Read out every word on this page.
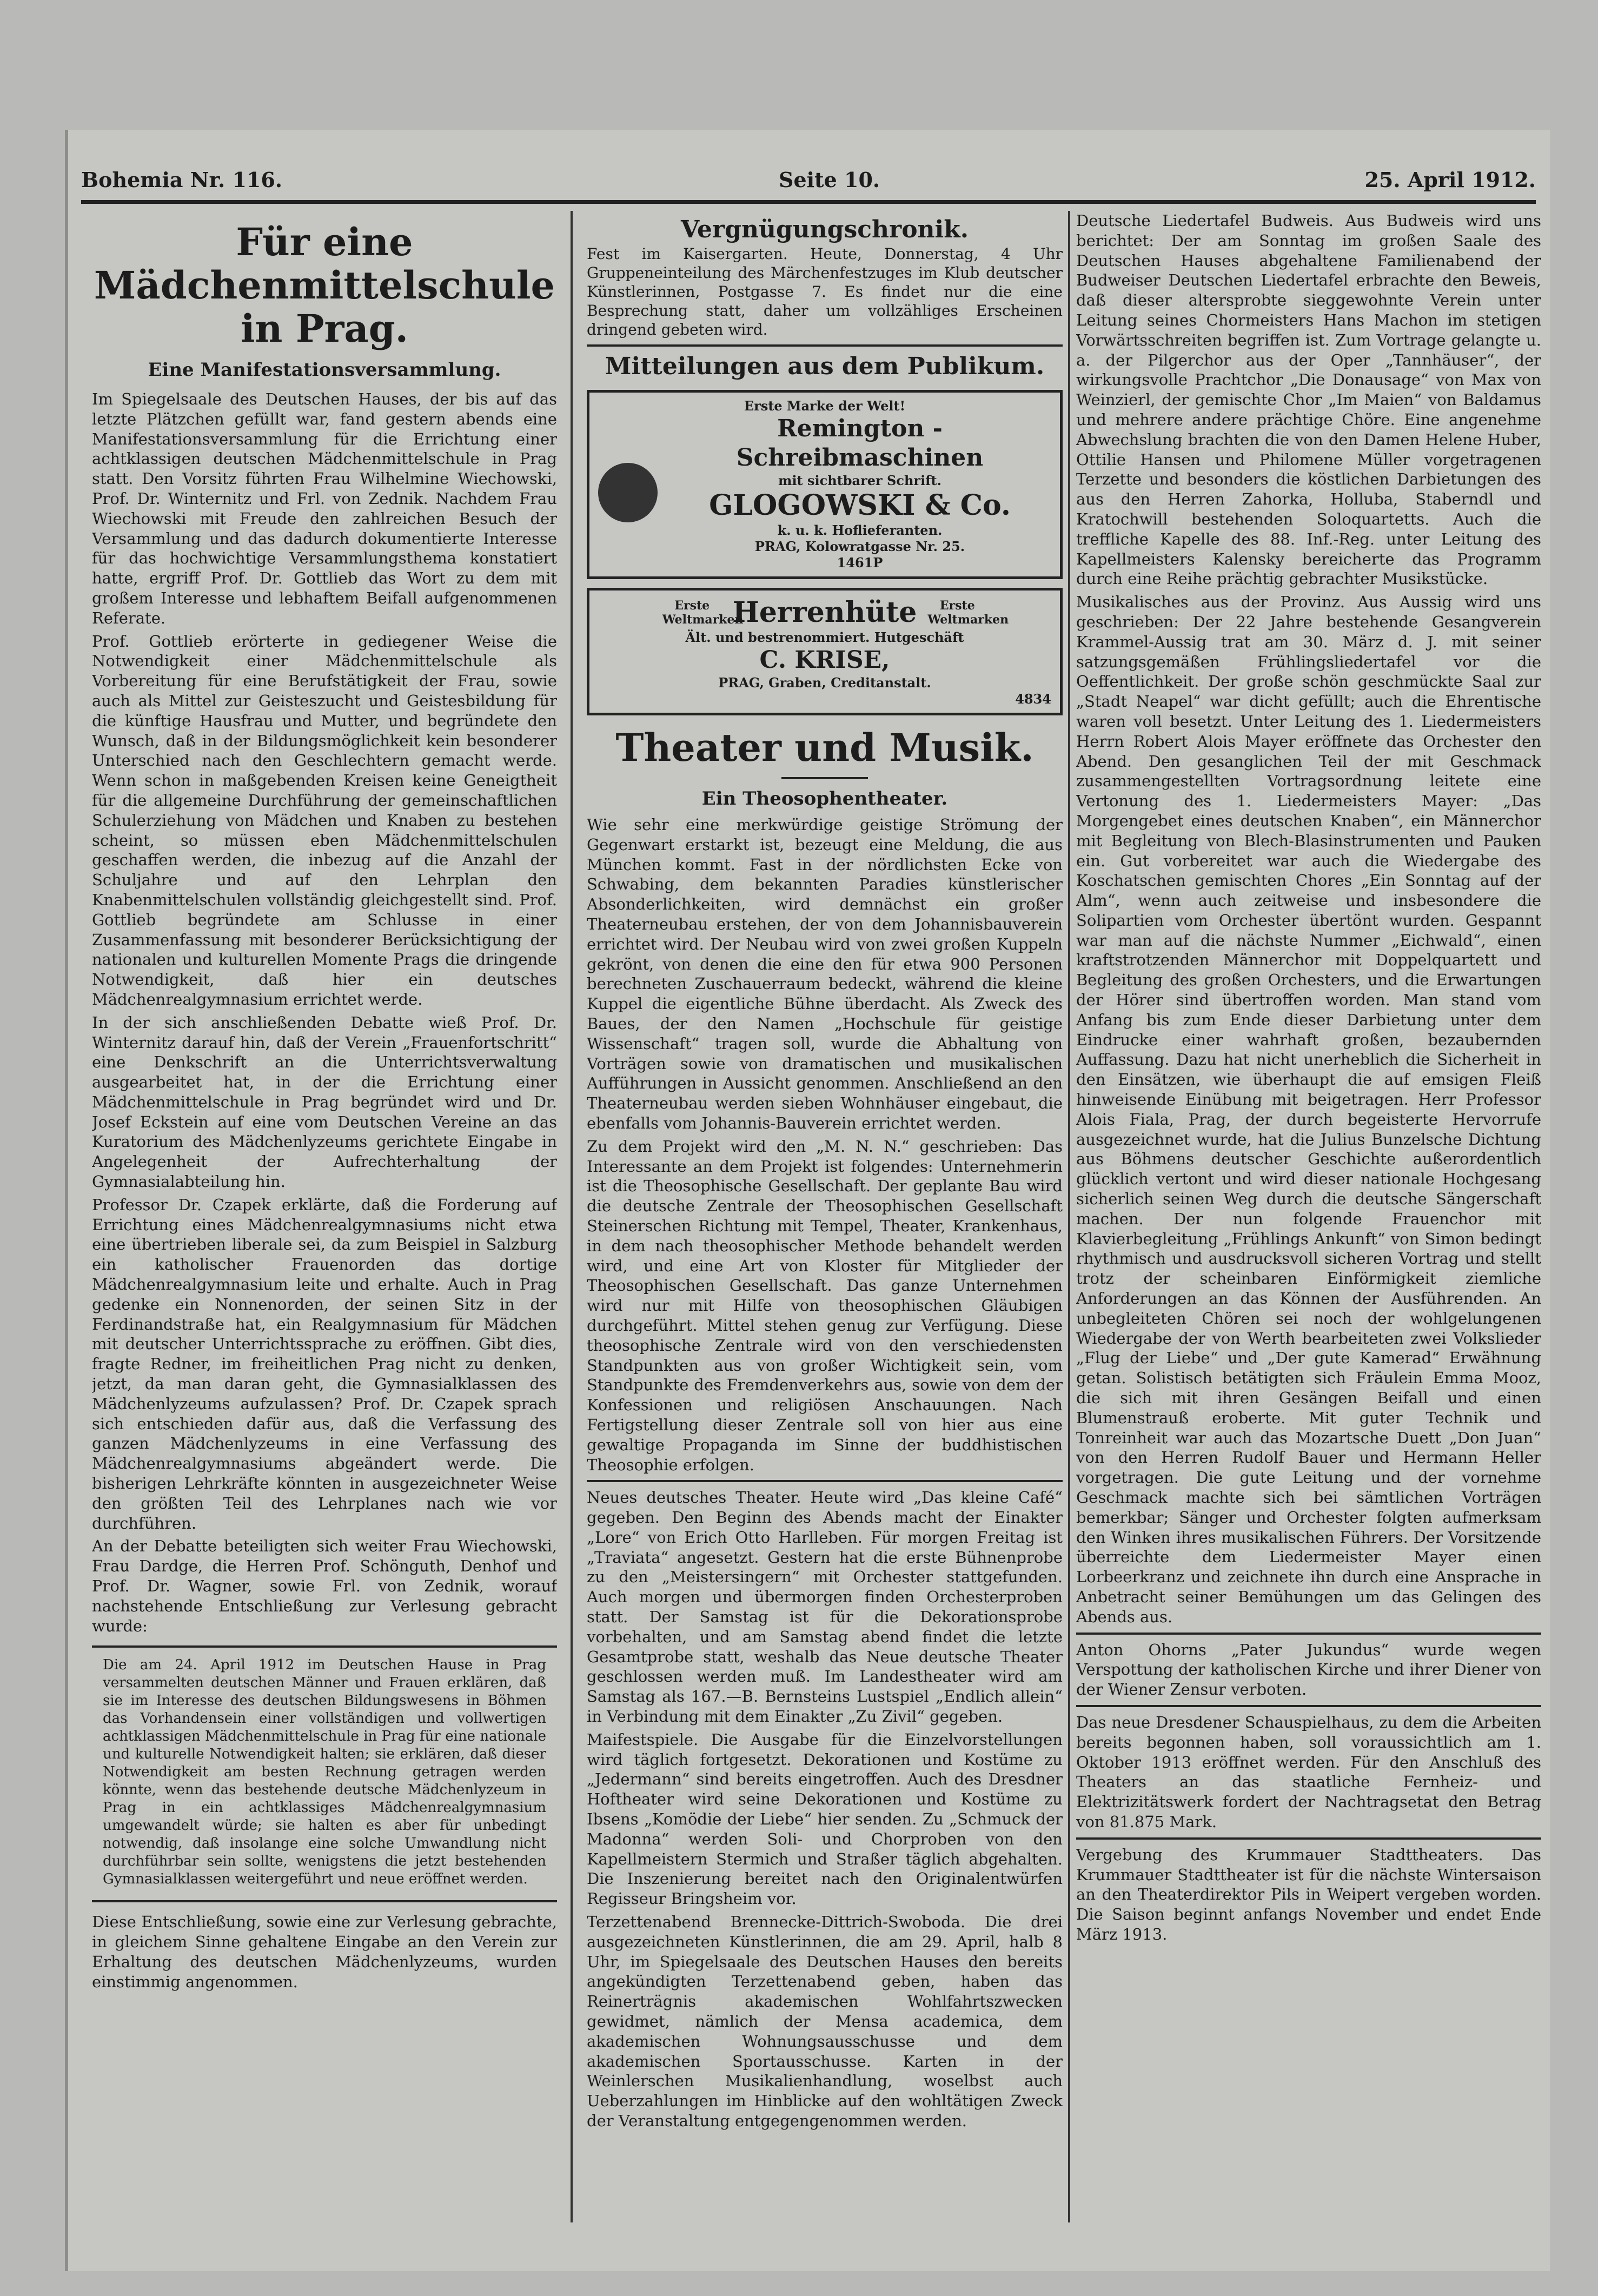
Bohemia Nr. 116.	Seite 10.	25. April 1912.
Für eine Mädchenmittelschule
in Prag.
Eine Manifestationsversammlung.

Im Spiegelsaale des Deutschen Hauses, der bis auf das letzte Plätzchen gefüllt war, fand gestern abends eine Manifestationsversammlung für die Errichtung einer achtklassigen deutschen Mädchenmittelschule in Prag statt. Den Vorsitz führten Frau Wilhelmine Wiechowski, Prof. Dr. Winternitz und Frl. von Zednik. Nachdem Frau Wiechowski mit Freude den zahlreichen Besuch der Versammlung und das dadurch dokumentierte Interesse für das hochwichtige Versammlungsthema konstatiert hatte, ergriff Prof. Dr. Gottlieb das Wort zu dem mit großem Interesse und lebhaftem Beifall aufgenommenen Referate.

Prof. Gottlieb erörterte in gediegener Weise die Notwendigkeit einer Mädchenmittelschule als Vorbereitung für eine Berufstätigkeit der Frau, sowie auch als Mittel zur Geisteszucht und Geistesbildung für die künftige Hausfrau und Mutter, und begründete den Wunsch, daß in der Bildungsmöglichkeit kein besonderer Unterschied nach den Geschlechtern gemacht werde. Wenn schon in maßgebenden Kreisen keine Geneigtheit für die allgemeine Durchführung der gemeinschaftlichen Schulerziehung von Mädchen und Knaben zu bestehen scheint, so müssen eben Mädchenmittelschulen geschaffen werden, die inbezug auf die Anzahl der Schuljahre und auf den Lehrplan den Knabenmittelschulen vollständig gleichgestellt sind. Prof. Gottlieb begründete am Schlusse in einer Zusammenfassung mit besonderer Berücksichtigung der nationalen und kulturellen Momente Prags die dringende Notwendigkeit, daß hier ein deutsches Mädchenrealgymnasium errichtet werde.

In der sich anschließenden Debatte wieß Prof. Dr. Winternitz darauf hin, daß der Verein „Frauenfortschritt“ eine Denkschrift an die Unterrichtsverwaltung ausgearbeitet hat, in der die Errichtung einer Mädchenmittelschule in Prag begründet wird und Dr. Josef Eckstein auf eine vom Deutschen Vereine an das Kuratorium des Mädchenlyzeums gerichtete Eingabe in Angelegenheit der Aufrechterhaltung der Gymnasialabteilung hin.

Professor Dr. Czapek erklärte, daß die Forderung auf Errichtung eines Mädchenrealgymnasiums nicht etwa eine übertrieben liberale sei, da zum Beispiel in Salzburg ein katholischer Frauenorden das dortige Mädchenrealgymnasium leite und erhalte. Auch in Prag gedenke ein Nonnenorden, der seinen Sitz in der Ferdinandstraße hat, ein Realgymnasium für Mädchen mit deutscher Unterrichtssprache zu eröffnen. Gibt dies, fragte Redner, im freiheitlichen Prag nicht zu denken, jetzt, da man daran geht, die Gymnasialklassen des Mädchenlyzeums aufzulassen? Prof. Dr. Czapek sprach sich entschieden dafür aus, daß die Verfassung des ganzen Mädchenlyzeums in eine Verfassung des Mädchenrealgymnasiums abgeändert werde. Die bisherigen Lehrkräfte könnten in ausgezeichneter Weise den größten Teil des Lehrplanes nach wie vor durchführen.

An der Debatte beteiligten sich weiter Frau Wiechowski, Frau Dardge, die Herren Prof. Schönguth, Denhof und Prof. Dr. Wagner, sowie Frl. von Zednik, worauf nachstehende Entschließung zur Verlesung gebracht wurde:

Die am 24. April 1912 im Deutschen Hause in Prag versammelten deutschen Männer und Frauen erklären, daß sie im Interesse des deutschen Bildungswesens in Böhmen das Vorhandensein einer vollständigen und vollwertigen achtklassigen Mädchenmittelschule in Prag für eine nationale und kulturelle Notwendigkeit halten; sie erklären, daß dieser Notwendigkeit am besten Rechnung getragen werden könnte, wenn das bestehende deutsche Mädchenlyzeum in Prag in ein achtklassiges Mädchenrealgymnasium umgewandelt würde; sie halten es aber für unbedingt notwendig, daß insolange eine solche Umwandlung nicht durchführbar sein sollte, wenigstens die jetzt bestehenden Gymnasialklassen weitergeführt und neue eröffnet werden.

Diese Entschließung, sowie eine zur Verlesung gebrachte, in gleichem Sinne gehaltene Eingabe an den Verein zur Erhaltung des deutschen Mädchenlyzeums, wurden einstimmig angenommen.

Vergnügungschronik.

Fest im Kaisergarten. Heute, Donnerstag, 4 Uhr Gruppeneinteilung des Märchenfestzuges im Klub deutscher Künstlerinnen, Postgasse 7. Es findet nur die eine Besprechung statt, daher um vollzähliges Erscheinen dringend gebeten wird.

Mitteilungen aus dem Publikum.
Erste Marke der Welt!
Remington - Schreibmaschinen
mit sichtbarer Schrift.
GLOGOWSKI & Co.
k. u. k. Hoflieferanten.
PRAG, Kolowratgasse Nr. 25.
1461P
Erste Weltmarken
Herrenhüte	Erste Weltmarken
Ält. und bestrenommiert. Hutgeschäft
C. KRISE,
PRAG, Graben, Creditanstalt.
4834
Theater und Musik.
Ein Theosophentheater.

Wie sehr eine merkwürdige geistige Strömung der Gegenwart erstarkt ist, bezeugt eine Meldung, die aus München kommt. Fast in der nördlichsten Ecke von Schwabing, dem bekannten Paradies künstlerischer Absonderlichkeiten, wird demnächst ein großer Theaterneubau erstehen, der von dem Johannisbauverein errichtet wird. Der Neubau wird von zwei großen Kuppeln gekrönt, von denen die eine den für etwa 900 Personen berechneten Zuschauerraum bedeckt, während die kleine Kuppel die eigentliche Bühne überdacht. Als Zweck des Baues, der den Namen „Hochschule für geistige Wissenschaft“ tragen soll, wurde die Abhaltung von Vorträgen sowie von dramatischen und musikalischen Aufführungen in Aussicht genommen. Anschließend an den Theaterneubau werden sieben Wohnhäuser eingebaut, die ebenfalls vom Johannis-Bauverein errichtet werden.

Zu dem Projekt wird den „M. N. N.“ geschrieben: Das Interessante an dem Projekt ist folgendes: Unternehmerin ist die Theosophische Gesellschaft. Der geplante Bau wird die deutsche Zentrale der Theosophischen Gesellschaft Steinerschen Richtung mit Tempel, Theater, Krankenhaus, in dem nach theosophischer Methode behandelt werden wird, und eine Art von Kloster für Mitglieder der Theosophischen Gesellschaft. Das ganze Unternehmen wird nur mit Hilfe von theosophischen Gläubigen durchgeführt. Mittel stehen genug zur Verfügung. Diese theosophische Zentrale wird von den verschiedensten Standpunkten aus von großer Wichtigkeit sein, vom Standpunkte des Fremdenverkehrs aus, sowie von dem der Konfessionen und religiösen Anschauungen. Nach Fertigstellung dieser Zentrale soll von hier aus eine gewaltige Propaganda im Sinne der buddhistischen Theosophie erfolgen.

Neues deutsches Theater. Heute wird „Das kleine Café“ gegeben. Den Beginn des Abends macht der Einakter „Lore“ von Erich Otto Harlleben. Für morgen Freitag ist „Traviata“ angesetzt. Gestern hat die erste Bühnenprobe zu den „Meistersingern“ mit Orchester stattgefunden. Auch morgen und übermorgen finden Orchesterproben statt. Der Samstag ist für die Dekorationsprobe vorbehalten, und am Samstag abend findet die letzte Gesamtprobe statt, weshalb das Neue deutsche Theater geschlossen werden muß. Im Landestheater wird am Samstag als 167.—B. Bernsteins Lustspiel „Endlich allein“ in Verbindung mit dem Einakter „Zu Zivil“ gegeben.

Maifestspiele. Die Ausgabe für die Einzelvorstellungen wird täglich fortgesetzt. Dekorationen und Kostüme zu „Jedermann“ sind bereits eingetroffen. Auch des Dresdner Hoftheater wird seine Dekorationen und Kostüme zu Ibsens „Komödie der Liebe“ hier senden. Zu „Schmuck der Madonna“ werden Soli- und Chorproben von den Kapellmeistern Stermich und Straßer täglich abgehalten. Die Inszenierung bereitet nach den Originalentwürfen Regisseur Bringsheim vor.

Terzettenabend Brennecke-Dittrich-Swoboda. Die drei ausgezeichneten Künstlerinnen, die am 29. April, halb 8 Uhr, im Spiegelsaale des Deutschen Hauses den bereits angekündigten Terzettenabend geben, haben das Reinerträgnis akademischen Wohlfahrtszwecken gewidmet, nämlich der Mensa academica, dem akademischen Wohnungsausschusse und dem akademischen Sportausschusse. Karten in der Weinlerschen Musikalienhandlung, woselbst auch Ueberzahlungen im Hinblicke auf den wohltätigen Zweck der Veranstaltung entgegengenommen werden.

Deutsche Liedertafel Budweis. Aus Budweis wird uns berichtet: Der am Sonntag im großen Saale des Deutschen Hauses abgehaltene Familienabend der Budweiser Deutschen Liedertafel erbrachte den Beweis, daß dieser altersprobte sieggewohnte Verein unter Leitung seines Chormeisters Hans Machon im stetigen Vorwärtsschreiten begriffen ist. Zum Vortrage gelangte u. a. der Pilgerchor aus der Oper „Tannhäuser“, der wirkungsvolle Prachtchor „Die Donausage“ von Max von Weinzierl, der gemischte Chor „Im Maien“ von Baldamus und mehrere andere prächtige Chöre. Eine angenehme Abwechslung brachten die von den Damen Helene Huber, Ottilie Hansen und Philomene Müller vorgetragenen Terzette und besonders die köstlichen Darbietungen des aus den Herren Zahorka, Holluba, Staberndl und Kratochwill bestehenden Soloquartetts. Auch die treffliche Kapelle des 88. Inf.-Reg. unter Leitung des Kapellmeisters Kalensky bereicherte das Programm durch eine Reihe prächtig gebrachter Musikstücke.

Musikalisches aus der Provinz. Aus Aussig wird uns geschrieben: Der 22 Jahre bestehende Gesangverein Krammel-Aussig trat am 30. März d. J. mit seiner satzungsgemäßen Frühlingsliedertafel vor die Oeffentlichkeit. Der große schön geschmückte Saal zur „Stadt Neapel“ war dicht gefüllt; auch die Ehrentische waren voll besetzt. Unter Leitung des 1. Liedermeisters Herrn Robert Alois Mayer eröffnete das Orchester den Abend. Den gesanglichen Teil der mit Geschmack zusammengestellten Vortragsordnung leitete eine Vertonung des 1. Liedermeisters Mayer: „Das Morgengebet eines deutschen Knaben“, ein Männerchor mit Begleitung von Blech-Blasinstrumenten und Pauken ein. Gut vorbereitet war auch die Wiedergabe des Koschatschen gemischten Chores „Ein Sonntag auf der Alm“, wenn auch zeitweise und insbesondere die Solipartien vom Orchester übertönt wurden. Gespannt war man auf die nächste Nummer „Eichwald“, einen kraftstrotzenden Männerchor mit Doppelquartett und Begleitung des großen Orchesters, und die Erwartungen der Hörer sind übertroffen worden. Man stand vom Anfang bis zum Ende dieser Darbietung unter dem Eindrucke einer wahrhaft großen, bezaubernden Auffassung. Dazu hat nicht unerheblich die Sicherheit in den Einsätzen, wie überhaupt die auf emsigen Fleiß hinweisende Einübung mit beigetragen. Herr Professor Alois Fiala, Prag, der durch begeisterte Hervorrufe ausgezeichnet wurde, hat die Julius Bunzelsche Dichtung aus Böhmens deutscher Geschichte außerordentlich glücklich vertont und wird dieser nationale Hochgesang sicherlich seinen Weg durch die deutsche Sängerschaft machen. Der nun folgende Frauenchor mit Klavierbegleitung „Frühlings Ankunft“ von Simon bedingt rhythmisch und ausdrucksvoll sicheren Vortrag und stellt trotz der scheinbaren Einförmigkeit ziemliche Anforderungen an das Können der Ausführenden. An unbegleiteten Chören sei noch der wohlgelungenen Wiedergabe der von Werth bearbeiteten zwei Volkslieder „Flug der Liebe“ und „Der gute Kamerad“ Erwähnung getan. Solistisch betätigten sich Fräulein Emma Mooz, die sich mit ihren Gesängen Beifall und einen Blumenstrauß eroberte. Mit guter Technik und Tonreinheit war auch das Mozartsche Duett „Don Juan“ von den Herren Rudolf Bauer und Hermann Heller vorgetragen. Die gute Leitung und der vornehme Geschmack machte sich bei sämtlichen Vorträgen bemerkbar; Sänger und Orchester folgten aufmerksam den Winken ihres musikalischen Führers. Der Vorsitzende überreichte dem Liedermeister Mayer einen Lorbeerkranz und zeichnete ihn durch eine Ansprache in Anbetracht seiner Bemühungen um das Gelingen des Abends aus.

Anton Ohorns „Pater Jukundus“ wurde wegen Verspottung der katholischen Kirche und ihrer Diener von der Wiener Zensur verboten.

Das neue Dresdener Schauspielhaus, zu dem die Arbeiten bereits begonnen haben, soll voraussichtlich am 1. Oktober 1913 eröffnet werden. Für den Anschluß des Theaters an das staatliche Fernheiz- und Elektrizitätswerk fordert der Nachtragsetat den Betrag von 81.875 Mark.

Vergebung des Krummauer Stadttheaters. Das Krummauer Stadttheater ist für die nächste Wintersaison an den Theaterdirektor Pils in Weipert vergeben worden. Die Saison beginnt anfangs November und endet Ende März 1913.
